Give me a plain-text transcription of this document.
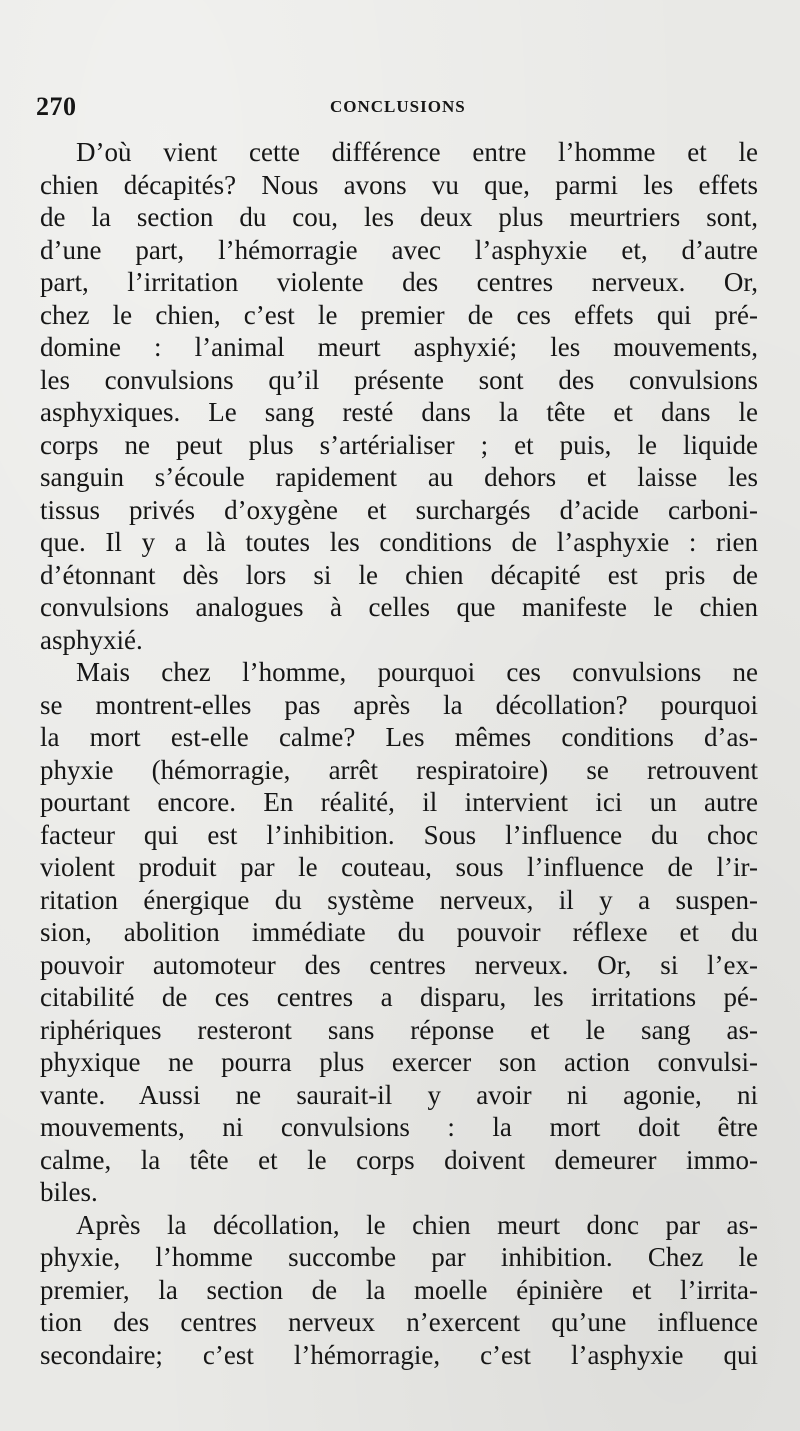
270	CONCLUSIONS
D’où vient cette différence entre l’homme et le
chien décapités? Nous avons vu que, parmi les effets
de la section du cou, les deux plus meurtriers sont,
d’une part, l’hémorragie avec l’asphyxie et, d’autre
part, l’irritation violente des centres nerveux. Or,
chez le chien, c’est le premier de ces effets qui pré-
domine : l’animal meurt asphyxié; les mouvements,
les convulsions qu’il présente sont des convulsions
asphyxiques. Le sang resté dans la tête et dans le
corps ne peut plus s’artérialiser ; et puis, le liquide
sanguin s’écoule rapidement au dehors et laisse les
tissus privés d’oxygène et surchargés d’acide carboni-
que. Il y a là toutes les conditions de l’asphyxie : rien
d’étonnant dès lors si le chien décapité est pris de
convulsions analogues à celles que manifeste le chien
asphyxié.
Mais chez l’homme, pourquoi ces convulsions ne
se montrent-elles pas après la décollation? pourquoi
la mort est-elle calme? Les mêmes conditions d’as-
phyxie (hémorragie, arrêt respiratoire) se retrouvent
pourtant encore. En réalité, il intervient ici un autre
facteur qui est l’inhibition. Sous l’influence du choc
violent produit par le couteau, sous l’influence de l’ir-
ritation énergique du système nerveux, il y a suspen-
sion, abolition immédiate du pouvoir réflexe et du
pouvoir automoteur des centres nerveux. Or, si l’ex-
citabilité de ces centres a disparu, les irritations pé-
riphériques resteront sans réponse et le sang as-
phyxique ne pourra plus exercer son action convulsi-
vante. Aussi ne saurait-il y avoir ni agonie, ni
mouvements, ni convulsions : la mort doit être
calme, la tête et le corps doivent demeurer immo-
biles.
Après la décollation, le chien meurt donc par as-
phyxie, l’homme succombe par inhibition. Chez le
premier, la section de la moelle épinière et l’irrita-
tion des centres nerveux n’exercent qu’une influence
secondaire; c’est l’hémorragie, c’est l’asphyxie qui
